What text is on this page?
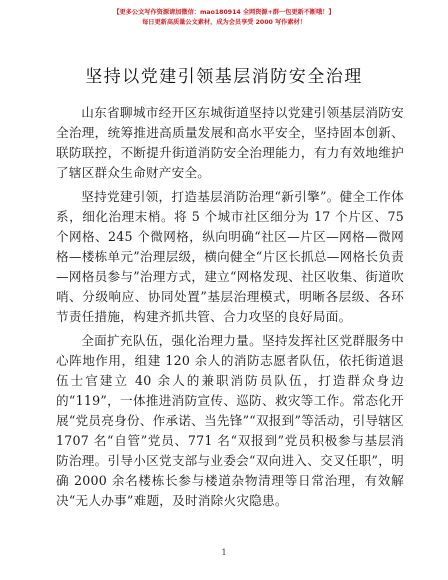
【更多公文写作资源请加微信：mao180914 全网资源+群一包更新不断哦！】
每日更新高质量公文素材，成为会员享受 2000 写作素材！
坚持以党建引领基层消防安全治理

山东省聊城市经开区东城街道坚持以党建引领基层消防安全治理，统筹推进高质量发展和高水平安全，坚持固本创新、联防联控，不断提升街道消防安全治理能力，有力有效地维护了辖区群众生命财产安全。

坚持党建引领，打造基层消防治理“新引擎”。健全工作体系，细化治理末梢。将 5 个城市社区细分为 17 个片区、75 个网格、245 个微网格，纵向明确“社区—片区—网格—微网格—楼栋单元”治理层级，横向健全“片区长抓总—网格长负责—网格员参与”治理方式，建立“网格发现、社区收集、街道吹哨、分级响应、协同处置”基层治理模式，明晰各层级、各环节责任措施，构建齐抓共管、合力攻坚的良好局面。

全面扩充队伍，强化治理力量。坚持发挥社区党群服务中心阵地作用，组建 120 余人的消防志愿者队伍，依托街道退伍士官建立 40 余人的兼职消防员队伍，打造群众身边的“119”，一体推进消防宣传、巡防、救灾等工作。常态化开展“党员亮身份、作承诺、当先锋”“双报到”等活动，引导辖区 1707 名“自管”党员、771 名“双报到”党员积极参与基层消防治理。引导小区党支部与业委会“双向进入、交叉任职”，明确 2000 余名楼栋长参与楼道杂物清理等日常治理，有效解决“无人办事”难题，及时消除火灾隐患。

1
